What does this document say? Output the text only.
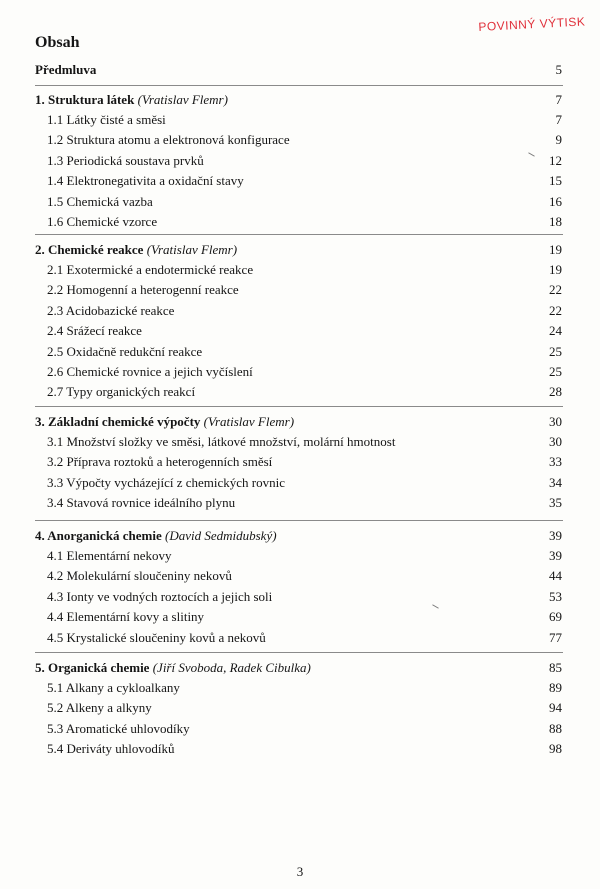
POVINNÝ VÝTISK
Obsah
Předmluva	5
1. Struktura látek (Vratislav Flemr)	7
1.1 Látky čisté a směsi	7
1.2 Struktura atomu a elektronová konfigurace	9
1.3 Periodická soustava prvků	12
1.4 Elektronegativita a oxidační stavy	15
1.5 Chemická vazba	16
1.6 Chemické vzorce	18
2. Chemické reakce (Vratislav Flemr)	19
2.1 Exotermické a endotermické reakce	19
2.2 Homogenní a heterogenní reakce	22
2.3 Acidobazické reakce	22
2.4 Srážecí reakce	24
2.5 Oxidačně redukční reakce	25
2.6 Chemické rovnice a jejich vyčíslení	25
2.7 Typy organických reakcí	28
3. Základní chemické výpočty (Vratislav Flemr)	30
3.1 Množství složky ve směsi, látkové množství, molární hmotnost	30
3.2 Příprava roztoků a heterogenních směsí	33
3.3 Výpočty vycházející z chemických rovnic	34
3.4 Stavová rovnice ideálního plynu	35
4. Anorganická chemie (David Sedmidubský)	39
4.1 Elementární nekovy	39
4.2 Molekulární sloučeniny nekovů	44
4.3 Ionty ve vodných roztocích a jejich soli	53
4.4 Elementární kovy a slitiny	69
4.5 Krystalické sloučeniny kovů a nekovů	77
5. Organická chemie (Jiří Svoboda, Radek Cibulka)	85
5.1 Alkany a cykloalkany	89
5.2 Alkeny a alkyny	94
5.3 Aromatické uhlovodíky	88
5.4 Deriváty uhlovodíků	98
3
